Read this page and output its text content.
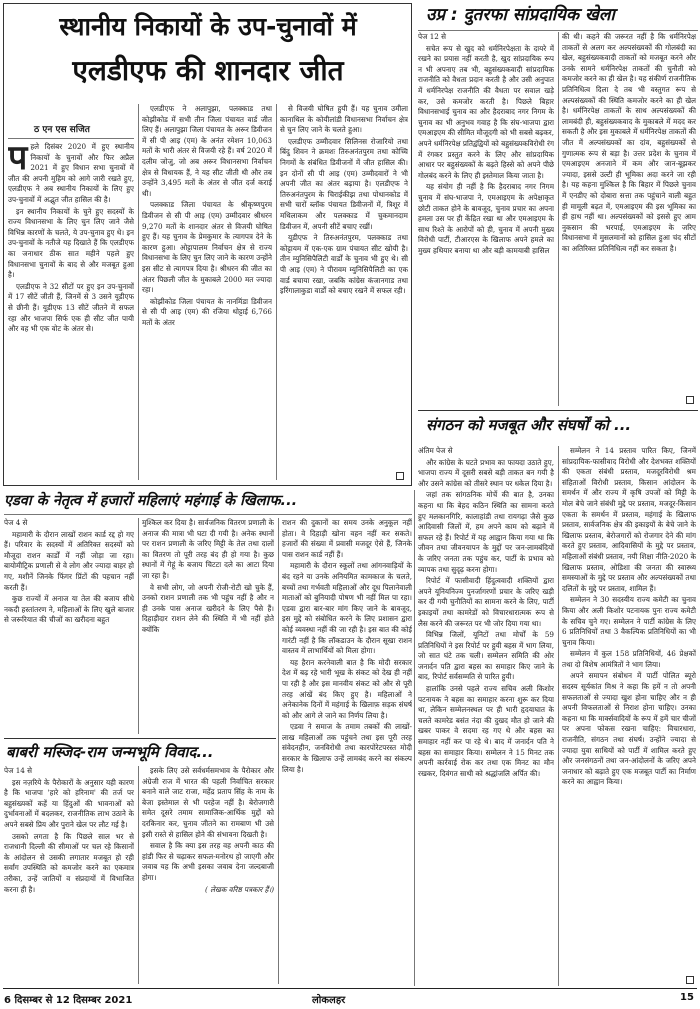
स्थानीय निकायों के उप-चुनावों में
एलडीएफ की शानदार जीत
ठ एन एस सजित
प हले दिसंबर 2020 में हुए स्थानीय निकायों के चुनावों और फिर अप्रैल 2021 में हुए विधान सभा चुनावों में जीत की अपनी मुहिम को आगे जारी रखते हुए, एलडीएफ ने अब स्थानीय निकायों के लिए हुए उप-चुनावों में अद्भुत जीत हासिल की है।

इन स्थानीय निकायों के चुने हुए सदस्यों के राज्य विधानसभा के लिए चुन लिए जाने जैसे विभिन्न कारणों के चलते, ये उप-चुनाव हुए थे। इन उप-चुनावों के नतीजे यह दिखाते हैं कि एलडीएफ का जनाधार ठीक सात महीने पहले हुए विधानसभा चुनावों के बाद से और मजबूत हुआ है।

एलडीएफ ने 32 सीटों पर हुए इन उप-चुनावों में 17 सीटें जीती हैं, जिनमें से 3 उसने यूडीएफ से छीनी हैं। यूडीएफ 13 सीटें जीतने में सफल रहा और भाजपा सिर्फ एक ही सीट जीत पायी और वह भी एक वोट के अंतर से।

एलडीएफ ने अलापुझा, पलक्काड तथा कोझीकोड में सभी तीन जिला पंचायत वार्ड जीत लिए हैं। अलापुझा जिला पंचायत के अरूर डिवीजन में सी पी आइ (एम) के अनंत रमेशन 10,063 मतों के भारी अंतर से विजयी रहे हैं। वर्ष 2020 में दलीम जोजु, जो अब अरूर विधानसभा निर्वाचन क्षेत्र से विधायक हैं, ने यह सीट जीती थी और तब उन्होंने 3,495 मतों के अंतर से जीत दर्ज कराई थी।

पलक्काड जिला पंचायत के श्रीकृष्णपुरम डिवीजन से सी पी आइ (एम) उम्मीदवार श्रीधरन 9,270 मतों के शानदार अंतर से विजयी घोषित हुए हैं। यह चुनाव के प्रेमकुमार के त्यागपत्र देने के कारण हुआ। ओट्टापालम निर्वाचन क्षेत्र से राज्य विधानसभा के लिए चुन लिए जाने के कारण उन्होंने इस सीट से त्यागपत्र दिया है। श्रीधरन की जीत का अंतर पिछली जीत के मुकाबले 2000 मत ज्यादा रहा।

कोझीकोड जिला पंचायत के नानमिंडा डिवीजन से सी पी आइ (एम) की रजिया थोट्टाई 6,766 मतों के अंतर

से विजयी घोषित हुयी हैं। यह चुनाव उमीला कानाथिल के कोयीलांडी विधानसभा निर्वाचन क्षेत्र से चुन लिए जाने के चलते हुआ।

एलडीएफ उम्मीदवार सिलिनस रोजारियो तथा बिंदु शिवन ने क्रमशः तिरुअनंतपुरम तथा कोच्चि निगमों के संबंधित डिवीजनों में जीत हासिल की। इन दोनों सी पी आइ (एम) उम्मीदवारों ने भी अपनी जीत का अंतर बढ़ाया है। एलडीएफ ने तिरुअनंतपुरम के चिराईकीझ तथा पोथानकोड में सभी चारों ब्लॉक पंचायत डिवीजनों में, त्रिशूर में मथिलाकम और पलक्काड में चुकमानदाम डिवीजन में, अपनी सीटें बचाए रखीं।

यूडीएफ ने तिरुअनंतपुरम, पलक्काड तथा कोट्टायम में एक-एक ग्राम पंचायत सीट खोयी है। तीन म्युनिसिपैलिटी वार्डों के चुनाव भी हुए थे। सी पी आइ (एम) ने पीरावम म्युनिसिपैलिटी का एक वार्ड बचाया रखा, जबकि कांग्रेस कंजानगाड तथा इरिंगालाकुडा वार्डों को बचाए रखने में सफल रही।

उप्र : दुतरफा सांप्रदायिक खेला

पेज 12 से

सचेत रूप से खुद को धर्मनिरपेक्षता के दायरे में रखने का प्रयास नहीं करती है, खुद सांप्रदायिक रूप न भी अपनाए तब भी, बहुसंख्यकवादी सांप्रदायिक राजनीति को वैधता प्रदान करती है और उसी अनुपात में धर्मनिरपेक्ष राजनीति की वैधता पर सवाल खड़े कर, उसे कमजोर करती है। पिछले बिहार विधानसभाई चुनाव का और हैदराबाद नगर निगम के चुनाव का भी अनुभव गवाह है कि संघ-भाजपा द्वारा एमआइएम की सीमित मौजूदगी को भी सबसे बढ़कर, अपने धर्मनिरपेक्ष प्रतिद्वंद्वियों को बहुसंख्यकविरोधी रंग में रंगकर प्रस्तुत करने के लिए और सांप्रदायिक आधार पर बहुसंख्यकों के बढ़ते हिस्से को अपने पीछे गोलबंद करने के लिए ही इस्तेमाल किया जाता है।

यह संयोग ही नहीं है कि हैदराबाद नगर निगम चुनाव में संघ-भाजपा ने, एमआइएम के अपेक्षाकृत छोटी ताकत होने के बावजूद, चुनाव प्रचार का अपना हमला उस पर ही केंद्रित रखा था और एमआइएम के साथ रिश्ते के आरोपों को ही, चुनाव में अपनी मुख्य विरोधी पार्टी, टीआरएस के खिलाफ अपने हमले का मुख्य हथियार बनाया था और बड़ी कामयाबी हासिल

की थी। कहने की जरूरत नहीं है कि धर्मनिरपेक्ष ताकतों से अलग कर अल्पसंख्यकों की गोलबंदी का खेल, बहुसंख्यकवादी ताकतों को मजबूत करने और उनके सामने धर्मनिरपेक्ष ताकतों की चुनौती को कमजोर करने का ही खेल है। यह संकीर्ण राजनीतिक प्रतिनिधित्व दिला दे तब भी वस्तुगत रूप से अल्पसंख्यकों की स्थिति कमजोर करने का ही खेल है। धर्मनिरपेक्ष ताकतों के साथ अल्पसंख्यकों की लामबंदी ही, बहुसंख्यकवाद के मुकाबले में मदद कर सकती है और इस मुकाबले में धर्मनिरपेक्ष ताकतों की जीत में अल्पसंख्यकों का दांव, बहुसंख्यकों से गुणात्मक रूप से बड़ा है। उत्तर प्रदेश के चुनाव में एमआइएम अनजाने में कम और जान-बूझकर ज्यादा, इससे उल्टी ही भूमिका अदा करने जा रही है। यह कहना मुश्किल है कि बिहार में पिछले चुनाव में एनडीए को दोबारा सत्ता तक पहुंचाने वाली बहुत ही मामूली बढ़त में, एमआइएम की इस भूमिका का ही हाथ नहीं था। अल्पसंख्यकों को इससे हुए आम नुकसान की भरपाई, एमआइएम के जरिए विधानसभा में मुसलमानों को हासिल हुआ चंद सीटों का अतिरिक्त प्रतिनिधित्व नहीं कर सकता है।

संगठन को मजबूत और संघर्षों को ...

अंतिम पेज से

और कांग्रेस के घटते प्रभाव का फायदा उठाते हुए, भाजपा राज्य में दूसरी सबसे बड़ी ताकत बन गयी है और उसने कांग्रेस को तीसरे स्थान पर धकेल दिया है।

जहां तक सांगठनिक मोर्चे की बात है, उनका कहना था कि बेहद कठिन स्थिति का सामना करते हुए मलकानगिरि, कालाहांडी तथा रायगढ़ा जैसे कुछ आदिवासी जिलों में, हम अपने काम को बढ़ाने में सफल रहे हैं। रिपोर्ट में यह आह्वान किया गया था कि जीवन तथा जीवनयापन के मुद्दों पर जन-लामबंदियों के जरिए जनता तक पहुंच कर, पार्टी के प्रभाव को व्यापक तथा सुदृढ़ करना होगा।

रिपोर्ट में फासीवादी हिंदुत्ववादी शक्तियों द्वारा अपने यूनियनिज्म पुनर्जागरणों प्रचार के जरिए खड़ी कर दी गयी चुनौतियों का सामना करने के लिए, पार्टी इकाइयों तथा कामरेडों को विचारधारात्मक रूप से लैस करने की जरूरत पर भी जोर दिया गया था।

विभिन्न जिलों, यूनिटों तथा मोर्चों के 59 प्रतिनिधियों ने इस रिपोर्ट पर हुयी बहस में भाग लिया, जो सात घंटे तक चली। सम्मेलन समिति की ओर जनार्दन पति द्वारा बहस का समाहार किए जाने के बाद, रिपोर्ट सर्वसम्मति से पारित हुयी।

हालांकि उनसे पहले राज्य सचिव अली किशोर पटनायक ने बहस का समाहार करना शुरू कर दिया था, लेकिन सम्मेलनस्थल पर ही भारी हृदयाघात के चलते कामरेड बसंत नंदा की दुखद मौत हो जाने की खबर पाकर वे सदमा रह गए थे और बहस का समाहार नहीं कर पा रहे थे। बाद में जनार्दन पति ने बहस का समाहार किया। सम्मेलन ने 15 मिनट तक अपनी कार्रवाई रोक कर तथा एक मिनट का मौन रखकर, दिवंगत साथी को श्रद्धांजलि अर्पित की।

सम्मेलन ने 14 प्रस्ताव पारित किए, जिनमें सांप्रदायिक-फासीवाद विरोधी और देशभक्त शक्तियों की एकता संबंधी प्रस्ताव, मजदूरविरोधी श्रम संहिताओं विरोधी प्रस्ताव, किसान आंदोलन के समर्थन में और राज्य में कृषि उपजों को मिट्टी के मोल बेचे जाने संबंधी मुद्दे पर प्रस्ताव, मजदूर-किसान एकता के समर्थन में प्रस्ताव, महंगाई के खिलाफ प्रस्ताव, सार्वजनिक क्षेत्र की इकाइयों के बेचे जाने के खिलाफ प्रस्ताव, बेरोजगारों को रोजगार देने की मांग करते हुए प्रस्ताव, आदिवासियों के मुद्दे पर प्रस्ताव, महिलाओं संबंधी प्रस्ताव, नयी शिक्षा नीति-2020 के खिलाफ प्रस्ताव, ओडिशा की जनता की स्वास्थ्य समस्याओं के मुद्दे पर प्रस्ताव और अल्पसंख्यकों तथा दलितों के मुद्दे पर प्रस्ताव, शामिल हैं।

सम्मेलन ने 30 सदस्यीय राज्य कमेटी का चुनाव किया और अली किशोर पटनायक पुनः राज्य कमेटी के सचिव चुने गए। सम्मेलन ने पार्टी कांग्रेस के लिए 6 प्रतिनिधियों तथा 3 वैकल्पिक प्रतिनिधियों का भी चुनाव किया।

सम्मेलन में कुल 158 प्रतिनिधियों, 46 प्रेक्षकों तथा दो विशेष आमंत्रितों ने भाग लिया।

अपने समापन संबोधन में पार्टी पोलित ब्यूरो सदस्य सूर्यकांत मिश्र ने कहा कि हमें न तो अपनी सफलताओं से ज्यादा खुश होना चाहिए और न ही अपनी विफलताओं से निराश होना चाहिए। उनका कहना था कि मार्क्सवादियों के रूप में हमें चार चीजों पर अपना फोकस रखना चाहिए: विचारधारा, राजनीति, संगठन तथा संघर्ष। उन्होंने ज्यादा से ज्यादा युवा साथियों को पार्टी में शामिल करते हुए और जनसंगठनों तथा जन-आंदोलनों के जरिए अपने जनाधार को बढ़ाते हुए एक मजबूत पार्टी का निर्माण करने का आह्वान किया।

एडवा के नेतृत्व में हजारों महिलाएं महंगाई के खिलाफ...

पेज 4 से

महामारी के दौरान लाखों राशन कार्ड रद्द हो गए हैं। परिवार के सदस्यों में अतिरिक्त सदस्यों को मौजूदा राशन कार्डों में नहीं जोड़ा जा रहा। बायोमीट्रिक प्रणाली से वे लोग और ज्यादा बाहर हो गए, मशीनें जिनके फिंगर प्रिंटों की पहचान नहीं करती हैं।

कुछ राज्यों में अनाज या तेल की बजाय सीधे नकदी हस्तांतरण ने, महिलाओं के लिए खुले बाजार से जरूरियात की चीजों का खरीदना बहुत

मुश्किल कर दिया है। सार्वजनिक वितरण प्रणाली के अनाज की मात्रा भी घटा दी गयी है। अनेक स्थानों पर राशन प्रणाली के जरिए मिट्टी के तेल तथा दालों का वितरण तो पूरी तरह बंद ही हो गया है। कुछ स्थानों में गेहूं के बजाय चिटटा दले का आटा दिया जा रहा है।

वे सभी लोग, जो अपनी रोजी-रोटी खो चुके हैं, उनको राशन प्रणाली तक भी पहुंच नहीं है और न ही उनके पास अनाज खरीदने के लिए पैसे हैं। दिहाड़ीदार राशन लेने की स्थिति में भी नहीं होते क्योंकि

राशन की दुकानों का समय उनके अनुकूल नहीं होता। वे दिहाड़ी खोना वहन नहीं कर सकते। हजारों की संख्या में प्रवासी मजदूर ऐसे हैं, जिनके पास राशन कार्ड नहीं हैं।

महामारी के दौरान स्कूलों तथा आंगनवाड़ियों के बंद रहने या उनके अनियमित कामकाज के चलते, बच्चों तथा गर्भवती महिलाओं और दूध पिलानेवाली माताओं को बुनियादी पोषण भी नहीं मिल पा रहा। एडवा द्वारा बार-बार मांग किए जाने के बावजूद, इस मुद्दे को संबोधित करने के लिए प्रशासन द्वारा कोई व्यवस्था नहीं की जा रही है। इस बात की कोई गारंटी नहीं है कि लॉकडाउन के दौरान सूखा राशन वास्तव में लाभार्थियों को मिला होगा।

यह हैरान करनेवाली बात है कि मोदी सरकार देश में बढ़ रहे भारी भूख के संकट को देख ही नहीं पा रही है और इस मानवीय संकट को और से पूरी तरह आंखें बंद किए हुए है। महिलाओं ने अनेकानेक दिनों में महंगाई के खिलाफ़ सड़क संघर्ष को और आगे ले जाने का निर्णय लिया है।

एडवा ने समाज के तमाम तबकों की लाखों-लाख महिलाओं तक पहुंचने तथा इस पूरी तरह संवेदनहीन, जनविरोधी तथा कारपोरेटपरस्त मोदी सरकार के खिलाफ उन्हें लामबंद करने का संकल्प लिया है।

बाबरी मस्जिद-राम जन्मभूमि विवाद...

पेज 14 से

इस नज़रिये के पैरोकारों के अनुसार यही कारण है कि भाजपा 'हारे को हरिनाम' की तर्ज पर बहुसंख्यकों कहें या हिंदुओं की भावनाओं को दुर्भावनाओं में बदलकर, राजनीतिक लाभ उठाने के अपने सबसे प्रिय और पुराने खेल पर लौट गई है।

उसको लगता है कि पिछले साल भर से राजधानी दिल्ली की सीमाओं पर चल रहे किसानों के आंदोलन से उसकी लगातार मजबूत हो रही सर्वांग उपस्थिति को कमजोर करने का एकमात्र तरीका, उन्हें जातियों व संप्रदायों में विभाजित करना ही है।

इसके लिए उसे सर्वधर्मसमभाव के पैरोकार और अंग्रेजी राज में भारत की पहली निर्वाचित सरकार बनाने वाले जाट राजा, महेंद्र प्रताप सिंह के नाम के बेजा इस्तेमाल से भी परहेज नहीं है। बेरोजगारी समेत दूसरे तमाम सामाजिक-आर्थिक मुद्दों को दरकिनार कर, चुनाव जीतने का रामबाण भी उसे इसी रास्ते से हासिल होने की संभावना दिखती है।

सवाल है कि क्या इस तरह वह अपनी काठ की हांडी फिर से चढ़ाकर सफल-मनोरथ हो जाएगी और जवाब यह कि अभी इसका जवाब देना जल्दबाजी होगा।

( लेखक वरिष्ठ पत्रकार हैं।)

6 दिसम्बर से 12 दिसम्बर 2021	लोकलहर	15
